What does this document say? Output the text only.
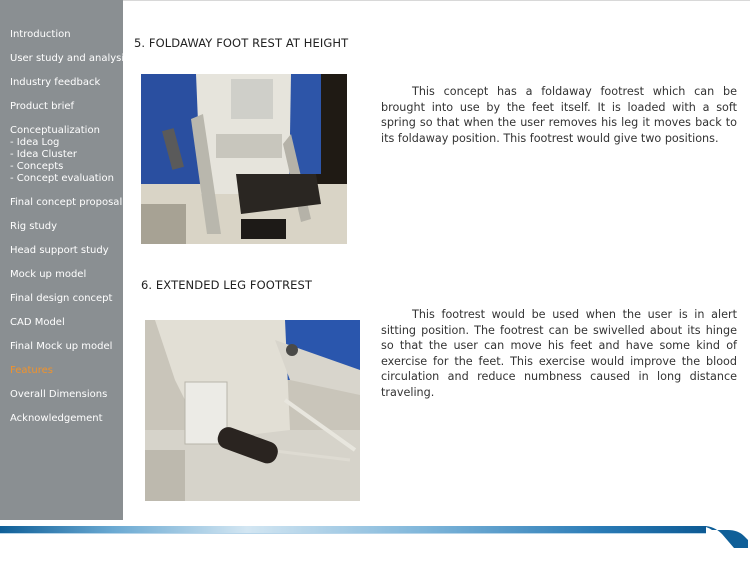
Introduction
User study and analysis
Industry feedback
Product brief
Conceptualization
- Idea Log
- Idea Cluster
- Concepts
- Concept evaluation
Final concept proposal
Rig study
Head support study
Mock up model
Final design concept
CAD Model
Final Mock up model
Features
Overall Dimensions
Acknowledgement
5. FOLDAWAY FOOT REST AT HEIGHT

This concept has a foldaway footrest which can be brought into use by the feet itself. It is loaded with a soft spring so that when the user removes his leg it moves back to its foldaway position. This footrest would give two positions.

6. EXTENDED LEG FOOTREST

This footrest would be used when the user is in alert sitting position. The footrest can be swivelled about its hinge so that the user can move his feet and have some kind of exercise for the feet. This exercise would improve the blood circulation and reduce numbness caused in long distance traveling.
